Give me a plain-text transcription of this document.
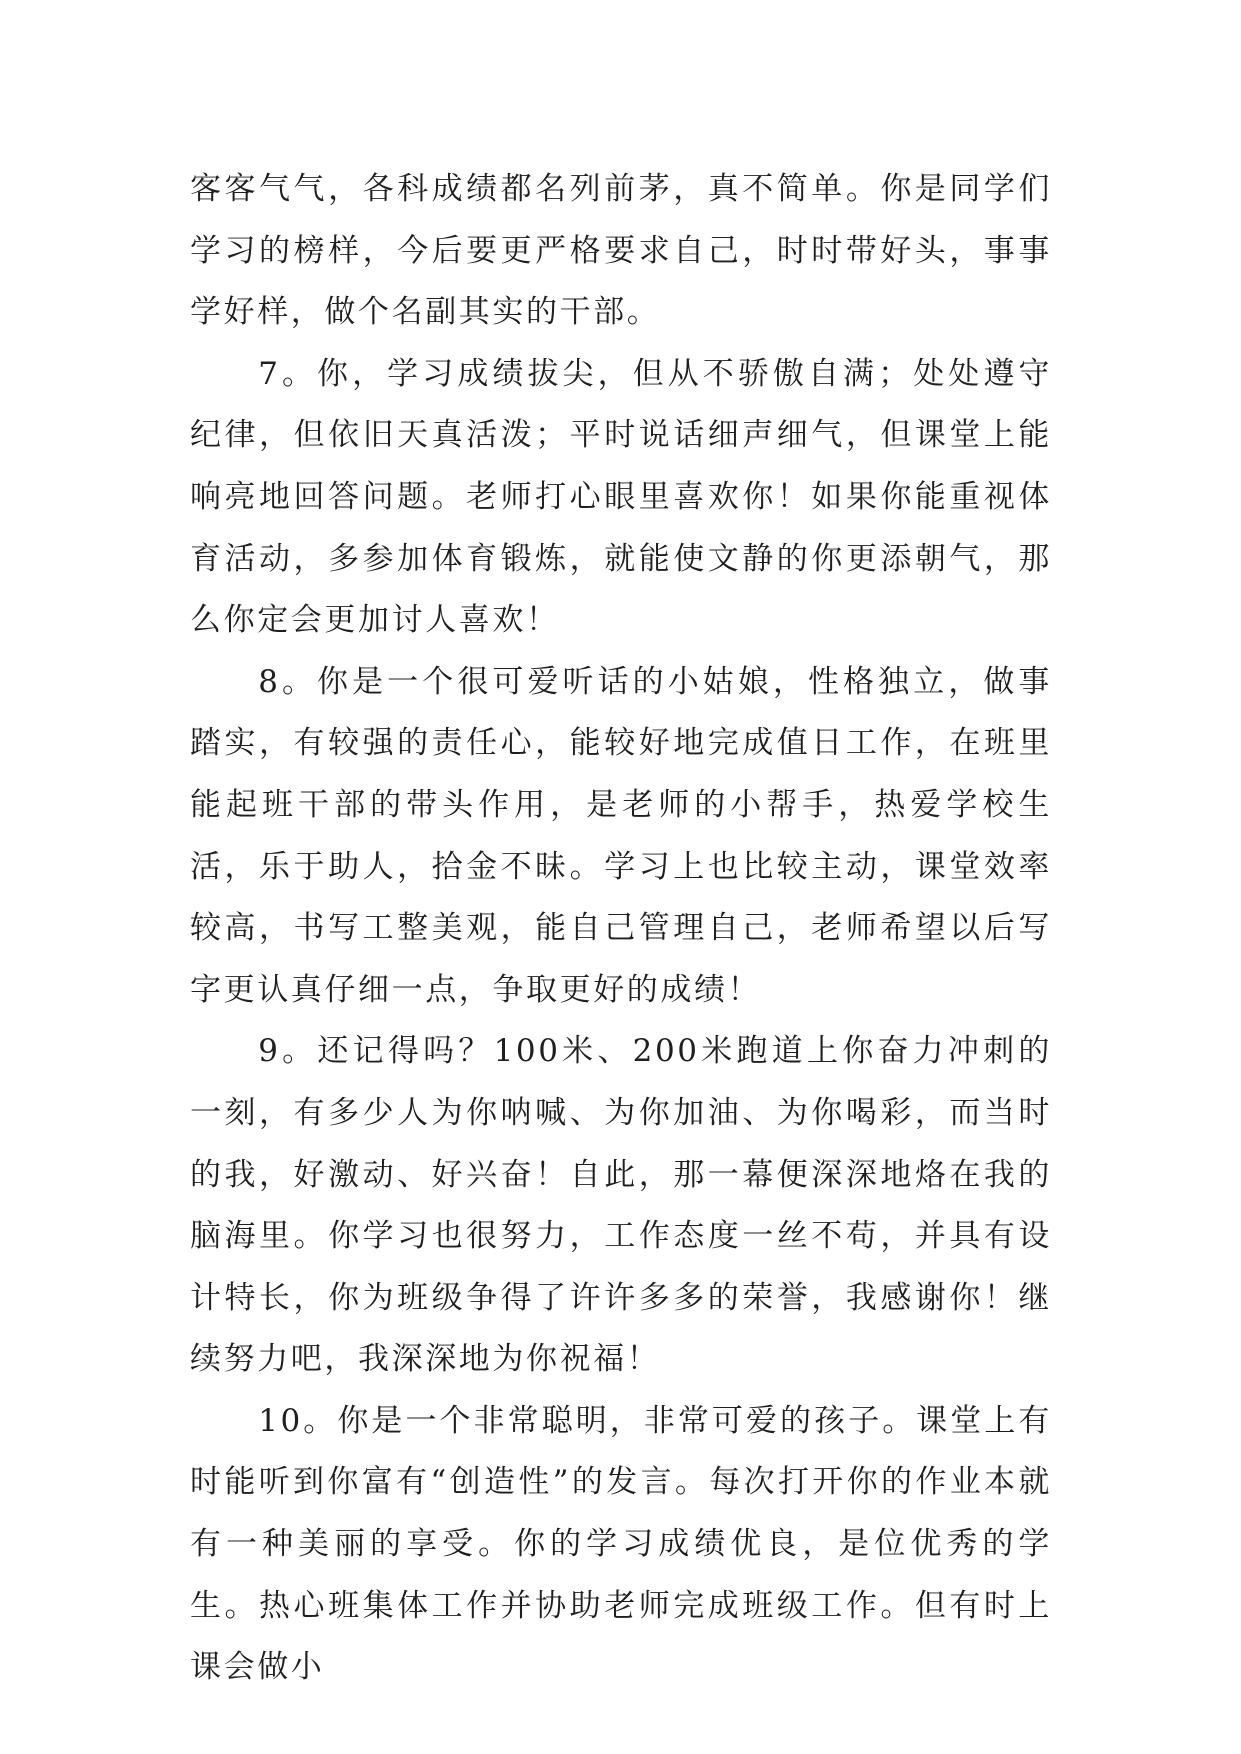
客客气气，各科成绩都名列前茅，真不简单。你是同学们学习的榜样，今后要更严格要求自己，时时带好头，事事学好样，做个名副其实的干部。

7。你，学习成绩拔尖，但从不骄傲自满；处处遵守纪律，但依旧天真活泼；平时说话细声细气，但课堂上能响亮地回答问题。老师打心眼里喜欢你！如果你能重视体育活动，多参加体育锻炼，就能使文静的你更添朝气，那么你定会更加讨人喜欢！

8。你是一个很可爱听话的小姑娘，性格独立，做事踏实，有较强的责任心，能较好地完成值日工作，在班里能起班干部的带头作用，是老师的小帮手，热爱学校生活，乐于助人，拾金不昧。学习上也比较主动，课堂效率较高，书写工整美观，能自己管理自己，老师希望以后写字更认真仔细一点，争取更好的成绩！

9。还记得吗？100米、200米跑道上你奋力冲刺的一刻，有多少人为你呐喊、为你加油、为你喝彩，而当时的我，好激动、好兴奋！自此，那一幕便深深地烙在我的脑海里。你学习也很努力，工作态度一丝不苟，并具有设计特长，你为班级争得了许许多多的荣誉，我感谢你！继续努力吧，我深深地为你祝福！

10。你是一个非常聪明，非常可爱的孩子。课堂上有时能听到你富有“创造性”的发言。每次打开你的作业本就有一种美丽的享受。你的学习成绩优良，是位优秀的学生。热心班集体工作并协助老师完成班级工作。但有时上课会做小
